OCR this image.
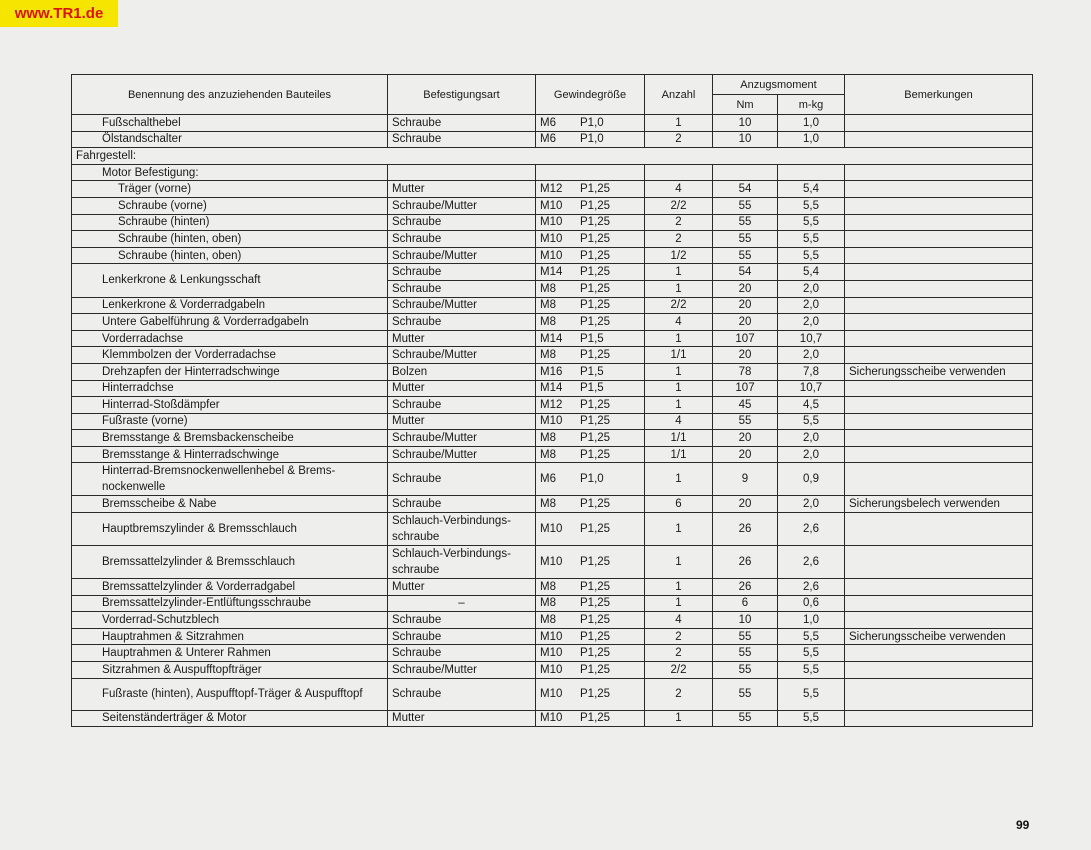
www.TR1.de
Benennung des anzuziehenden Bauteiles	Befestigungsart	Gewindegröße	Anzahl	Anzugsmoment		Bemerkungen
				Nm	m-kg	
Fußschalthebel	Schraube	M6 P1,0	1	10	1,0	
Ölstandschalter	Schraube	M6 P1,0	2	10	1,0	
Fahrgestell:						
Motor Befestigung:						
Träger (vorne)	Mutter	M12 P1,25	4	54	5,4	
Schraube (vorne)	Schraube/Mutter	M10 P1,25	2/2	55	5,5	
Schraube (hinten)	Schraube	M10 P1,25	2	55	5,5	
Schraube (hinten, oben)	Schraube	M10 P1,25	2	55	5,5	
Schraube (hinten, oben)	Schraube/Mutter	M10 P1,25	1/2	55	5,5	
Lenkerkrone & Lenkungsschaft	Schraube	M14 P1,25	1	54	5,4	
	Schraube	M8 P1,25	1	20	2,0	
Lenkerkrone & Vorderradgabeln	Schraube/Mutter	M8 P1,25	2/2	20	2,0	
Untere Gabelführung & Vorderradgabeln	Schraube	M8 P1,25	4	20	2,0	
Vorderradachse	Mutter	M14 P1,5	1	107	10,7	
Klemmbolzen der Vorderradachse	Schraube/Mutter	M8 P1,25	1/1	20	2,0	
Drehzapfen der Hinterradschwinge	Bolzen	M16 P1,5	1	78	7,8	Sicherungsscheibe verwenden
Hinterradchse	Mutter	M14 P1,5	1	107	10,7	
Hinterrad-Stoßdämpfer	Schraube	M12 P1,25	1	45	4,5	
Fußraste (vorne)	Mutter	M10 P1,25	4	55	5,5	
Bremsstange & Bremsbackenscheibe	Schraube/Mutter	M8 P1,25	1/1	20	2,0	
Bremsstange & Hinterradschwinge	Schraube/Mutter	M8 P1,25	1/1	20	2,0	
Hinterrad-Bremsnockenwellenhebel & Brems-nockenwelle	Schraube	M6 P1,0	1	9	0,9	
Bremsscheibe & Nabe	Schraube	M8 P1,25	6	20	2,0	Sicherungsbelech verwenden
Hauptbremszylinder & Bremsschlauch	Schlauch-Verbindungs-schraube	M10 P1,25	1	26	2,6	
Bremssattelzylinder & Bremsschlauch	Schlauch-Verbindungs-schraube	M10 P1,25	1	26	2,6	
Bremssattelzylinder & Vorderradgabel	Mutter	M8 P1,25	1	26	2,6	
Bremssattelzylinder-Entlüftungsschraube	–	M8 P1,25	1	6	0,6	
Vorderrad-Schutzblech	Schraube	M8 P1,25	4	10	1,0	
Hauptrahmen & Sitzrahmen	Schraube	M10 P1,25	2	55	5,5	Sicherungsscheibe verwenden
Hauptrahmen & Unterer Rahmen	Schraube	M10 P1,25	2	55	5,5	
Sitzrahmen & Auspufftopfträger	Schraube/Mutter	M10 P1,25	2/2	55	5,5	
Fußraste (hinten), Auspufftopf-Träger & Auspufftopf	Schraube	M10 P1,25	2	55	5,5	
Seitenständerträger & Motor	Mutter	M10 P1,25	1	55	5,5	
99
